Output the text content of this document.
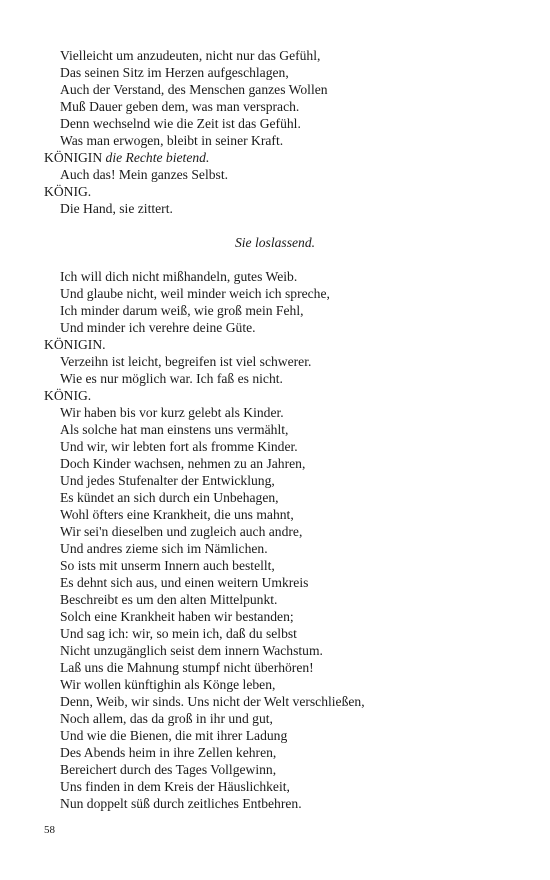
Vielleicht um anzudeuten, nicht nur das Gefühl,
Das seinen Sitz im Herzen aufgeschlagen,
Auch der Verstand, des Menschen ganzes Wollen
Muß Dauer geben dem, was man versprach.
Denn wechselnd wie die Zeit ist das Gefühl.
Was man erwogen, bleibt in seiner Kraft.
KÖNIGIN die Rechte bietend.
Auch das! Mein ganzes Selbst.
KÖNIG.
Die Hand, sie zittert.
Sie loslassend.
Ich will dich nicht mißhandeln, gutes Weib.
Und glaube nicht, weil minder weich ich spreche,
Ich minder darum weiß, wie groß mein Fehl,
Und minder ich verehre deine Güte.
KÖNIGIN.
Verzeihn ist leicht, begreifen ist viel schwerer.
Wie es nur möglich war. Ich faß es nicht.
KÖNIG.
Wir haben bis vor kurz gelebt als Kinder.
Als solche hat man einstens uns vermählt,
Und wir, wir lebten fort als fromme Kinder.
Doch Kinder wachsen, nehmen zu an Jahren,
Und jedes Stufenalter der Entwicklung,
Es kündet an sich durch ein Unbehagen,
Wohl öfters eine Krankheit, die uns mahnt,
Wir sei'n dieselben und zugleich auch andre,
Und andres zieme sich im Nämlichen.
So ists mit unserm Innern auch bestellt,
Es dehnt sich aus, und einen weitern Umkreis
Beschreibt es um den alten Mittelpunkt.
Solch eine Krankheit haben wir bestanden;
Und sag ich: wir, so mein ich, daß du selbst
Nicht unzugänglich seist dem innern Wachstum.
Laß uns die Mahnung stumpf nicht überhören!
Wir wollen künftighin als Könge leben,
Denn, Weib, wir sinds. Uns nicht der Welt verschließen,
Noch allem, das da groß in ihr und gut,
Und wie die Bienen, die mit ihrer Ladung
Des Abends heim in ihre Zellen kehren,
Bereichert durch des Tages Vollgewinn,
Uns finden in dem Kreis der Häuslichkeit,
Nun doppelt süß durch zeitliches Entbehren.
58
